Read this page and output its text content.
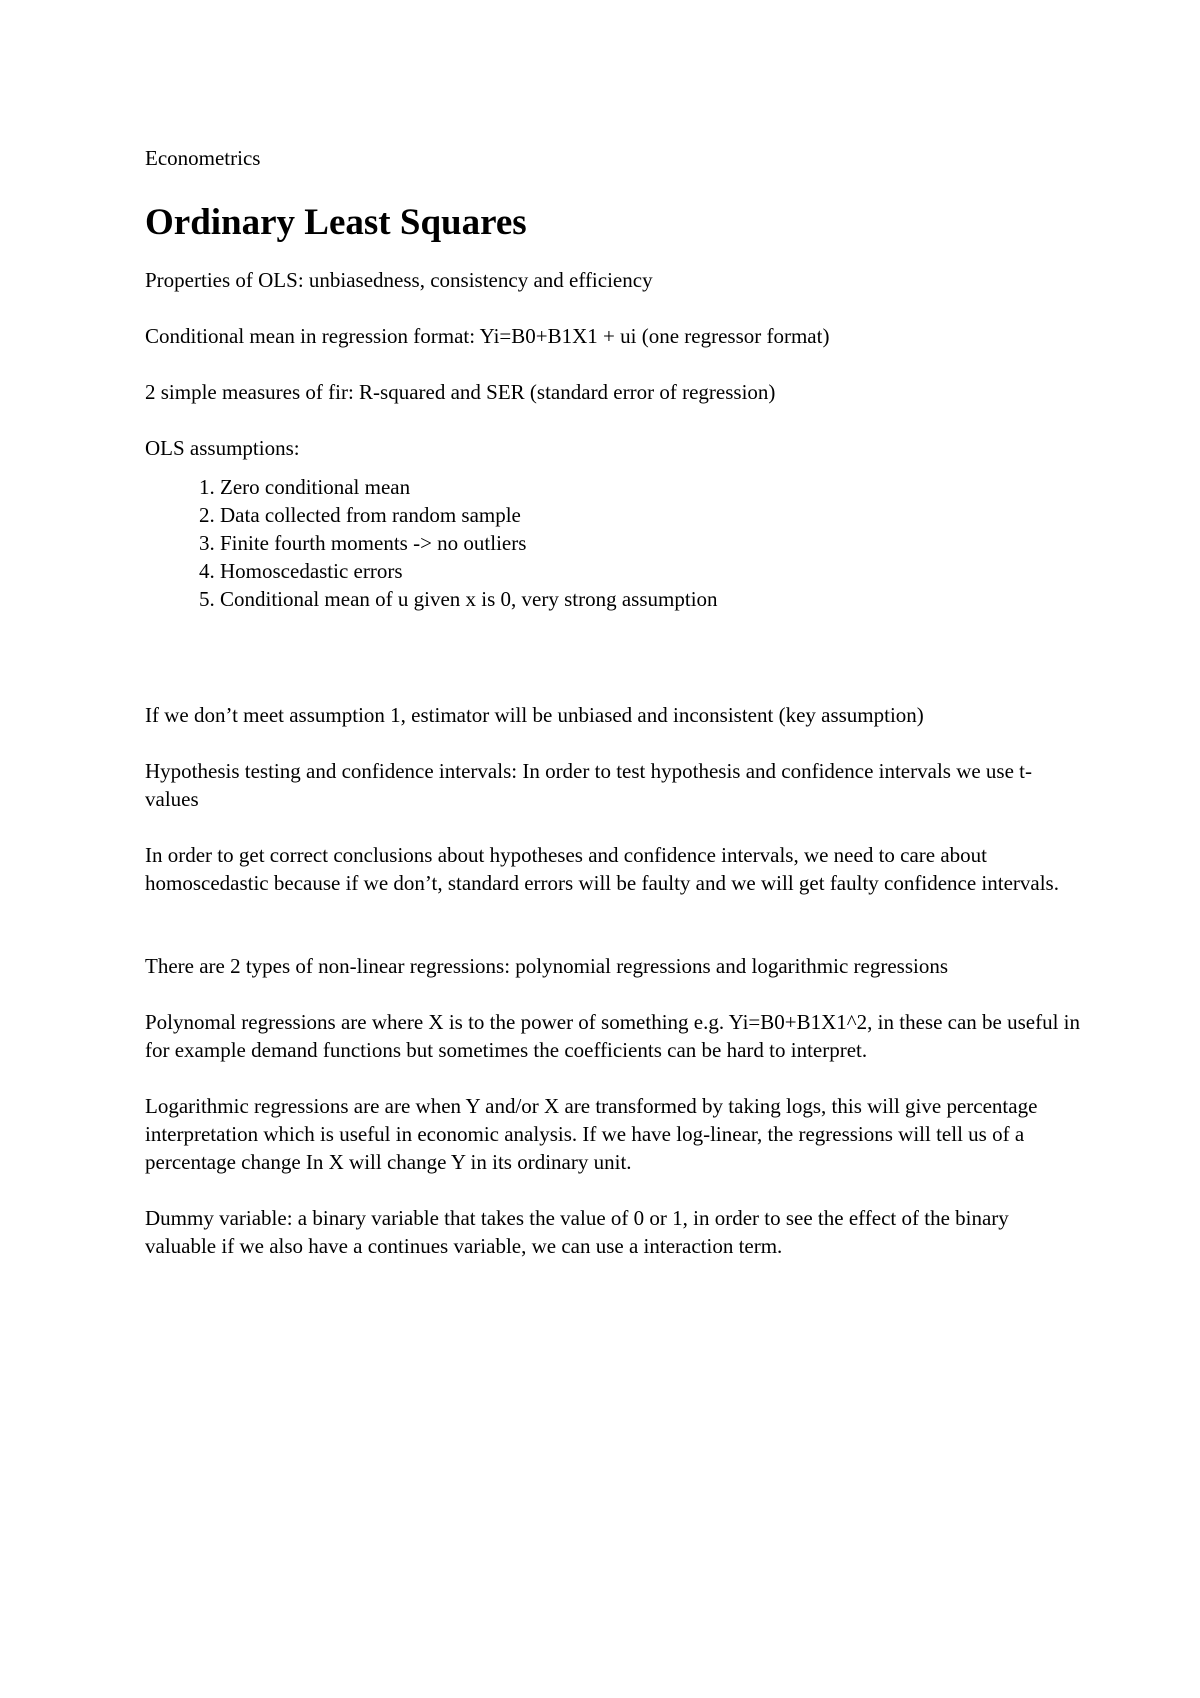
Econometrics
Ordinary Least Squares

Properties of OLS: unbiasedness, consistency and efficiency

Conditional mean in regression format: Yi=B0+B1X1 + ui (one regressor format)

2 simple measures of fir: R-squared and SER (standard error of regression)

OLS assumptions:

1. Zero conditional mean
2. Data collected from random sample
3. Finite fourth moments -> no outliers
4. Homoscedastic errors
5. Conditional mean of u given x is 0, very strong assumption

If we don’t meet assumption 1, estimator will be unbiased and inconsistent (key assumption)

Hypothesis testing and confidence intervals: In order to test hypothesis and confidence intervals we use t-values

In order to get correct conclusions about hypotheses and confidence intervals, we need to care about homoscedastic because if we don’t, standard errors will be faulty and we will get faulty confidence intervals.

There are 2 types of non-linear regressions: polynomial regressions and logarithmic regressions

Polynomal regressions are where X is to the power of something e.g. Yi=B0+B1X1^2, in these can be useful in for example demand functions but sometimes the coefficients can be hard to interpret.

Logarithmic regressions are are when Y and/or X are transformed by taking logs, this will give percentage interpretation which is useful in economic analysis. If we have log-linear, the regressions will tell us of a percentage change In X will change Y in its ordinary unit.

Dummy variable: a binary variable that takes the value of 0 or 1, in order to see the effect of the binary valuable if we also have a continues variable, we can use a interaction term.
